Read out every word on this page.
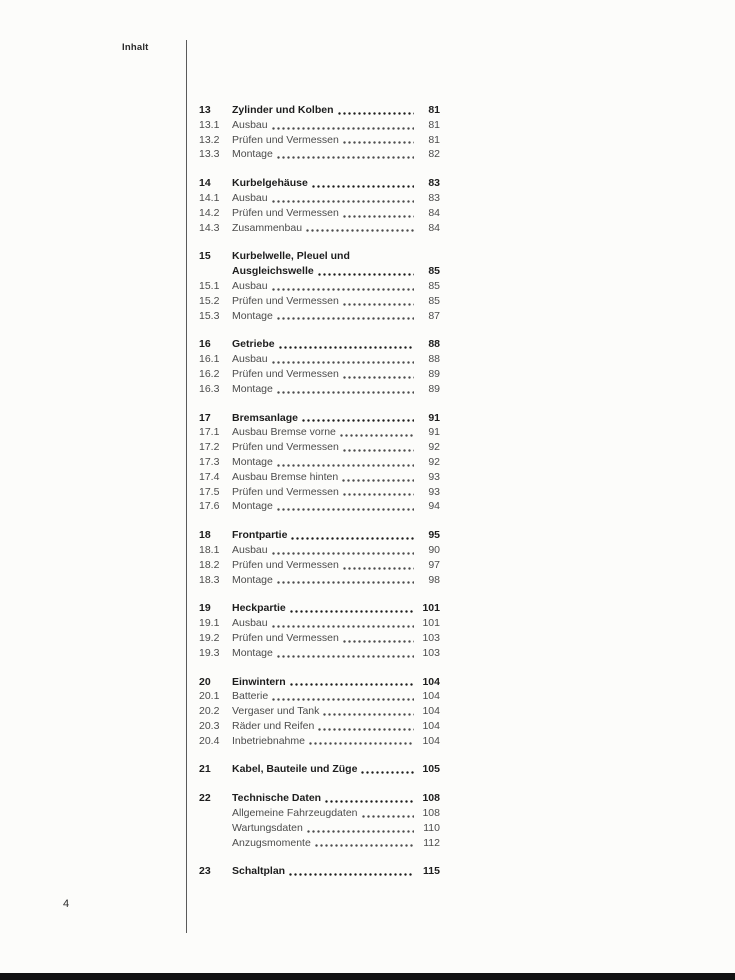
Inhalt
13	Zylinder und Kolben	81
13.1	Ausbau	81
13.2	Prüfen und Vermessen	81
13.3	Montage	82
14	Kurbelgehäuse	83
14.1	Ausbau	83
14.2	Prüfen und Vermessen	84
14.3	Zusammenbau	84
15	Kurbelwelle, Pleuel und
Ausgleichswelle	85
15.1	Ausbau	85
15.2	Prüfen und Vermessen	85
15.3	Montage	87
16	Getriebe	88
16.1	Ausbau	88
16.2	Prüfen und Vermessen	89
16.3	Montage	89
17	Bremsanlage	91
17.1	Ausbau Bremse vorne	91
17.2	Prüfen und Vermessen	92
17.3	Montage	92
17.4	Ausbau Bremse hinten	93
17.5	Prüfen und Vermessen	93
17.6	Montage	94
18	Frontpartie	95
18.1	Ausbau	90
18.2	Prüfen und Vermessen	97
18.3	Montage	98
19	Heckpartie	101
19.1	Ausbau	101
19.2	Prüfen und Vermessen	103
19.3	Montage	103
20	Einwintern	104
20.1	Batterie	104
20.2	Vergaser und Tank	104
20.3	Räder und Reifen	104
20.4	Inbetriebnahme	104
21	Kabel, Bauteile und Züge	105
22	Technische Daten	108
Allgemeine Fahrzeugdaten	108
Wartungsdaten	110
Anzugsmomente	112
23	Schaltplan	115
4
